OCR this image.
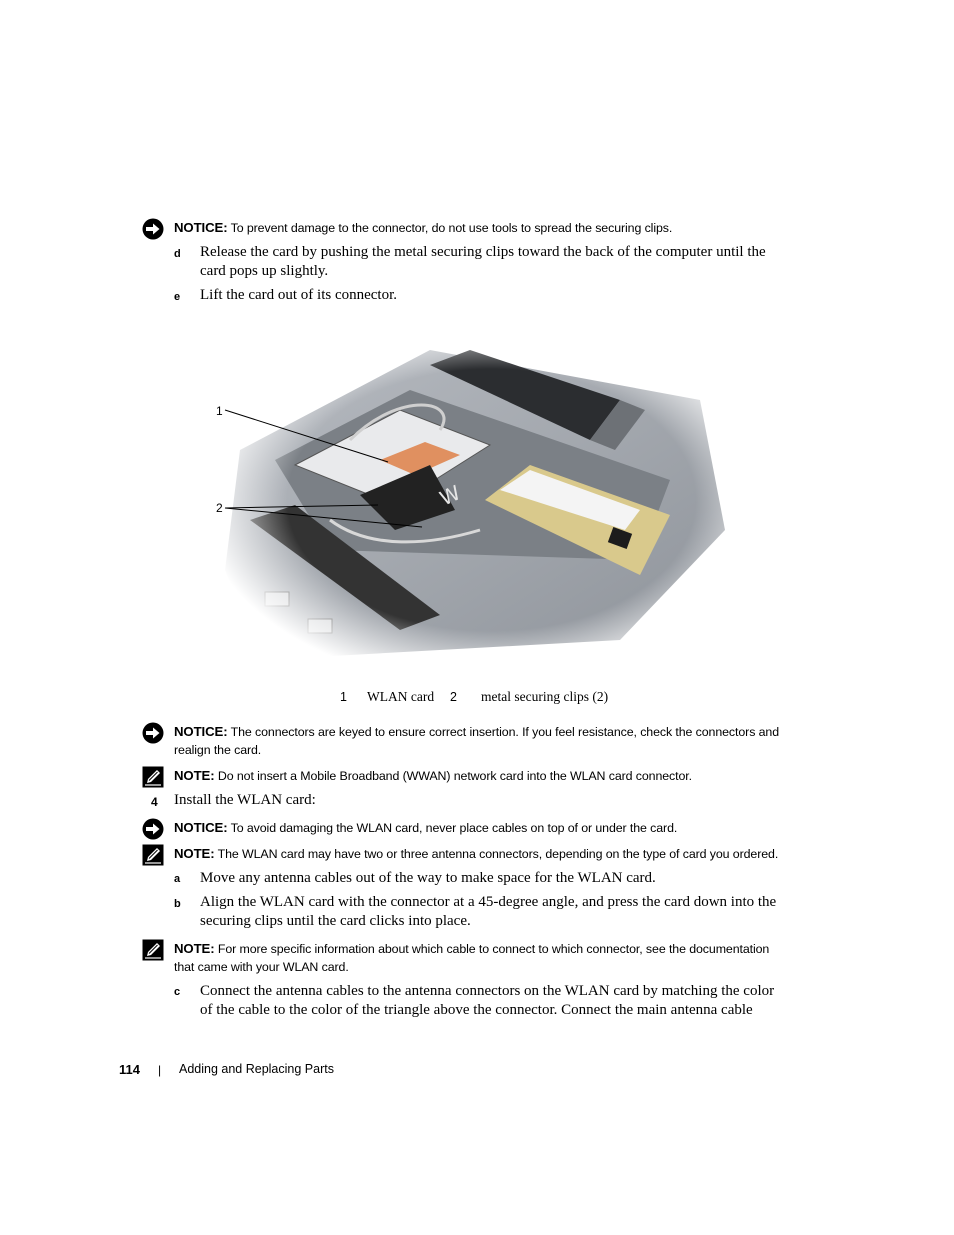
NOTICE: To prevent damage to the connector, do not use tools to spread the securing clips.
d Release the card by pushing the metal securing clips toward the back of the computer until the
card pops up slightly.
e Lift the card out of its connector.
1
2
1 WLAN card 2 metal securing clips (2)
NOTICE: The connectors are keyed to ensure correct insertion. If you feel resistance, check the connectors and
realign the card.
NOTE: Do not insert a Mobile Broadband (WWAN) network card into the WLAN card connector.
4 Install the WLAN card:
NOTICE: To avoid damaging the WLAN card, never place cables on top of or under the card.
NOTE: The WLAN card may have two or three antenna connectors, depending on the type of card you ordered.
a Move any antenna cables out of the way to make space for the WLAN card.
b Align the WLAN card with the connector at a 45-degree angle, and press the card down into the
securing clips until the card clicks into place.
NOTE: For more specific information about which cable to connect to which connector, see the documentation
that came with your WLAN card.
c Connect the antenna cables to the antenna connectors on the WLAN card by matching the color
of the cable to the color of the triangle above the connector. Connect the main antenna cable
114 | Adding and Replacing Parts
